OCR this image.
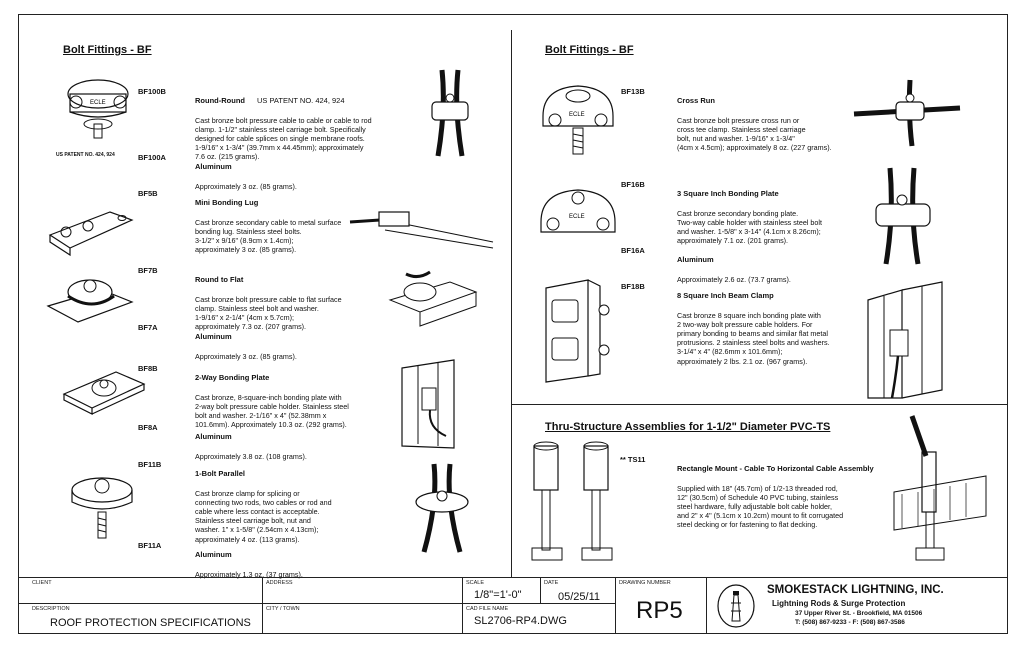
Bolt Fittings - BF
ECLE
BF100B

Round-Round US PATENT NO. 424, 924

Cast bronze bolt pressure cable to cable or cable to rod
clamp. 1-1/2" stainless steel carriage bolt. Specifically
designed for cable splices on single membrane roofs.
1-9/16" x 1-3/4" (39.7mm x 44.45mm); approximately
7.6 oz. (215 grams).

US PATENT NO. 424, 924	BF100A

Aluminum

Approximately 3 oz. (85 grams).

BF5B

Mini Bonding Lug

Cast bronze secondary cable to metal surface
bonding lug. Stainless steel bolts.
3-1/2" x 9/16" (8.9cm x 1.4cm);
approximately 3 oz. (85 grams).

BF7B

Round to Flat

Cast bronze bolt pressure cable to flat surface
clamp. Stainless steel bolt and washer.
1-9/16" x 2-1/4" (4cm x 5.7cm);
approximately 7.3 oz. (207 grams).

BF7A

Aluminum

Approximately 3 oz. (85 grams).

BF8B

2-Way Bonding Plate

Cast bronze, 8-square-inch bonding plate with
2-way bolt pressure cable holder. Stainless steel
bolt and washer. 2-1/16" x 4" (52.38mm x
101.6mm). Approximately 10.3 oz. (292 grams).

BF8A

Aluminum

Approximately 3.8 oz. (108 grams).

BF11B

1-Bolt Parallel

Cast bronze clamp for splicing or
connecting two rods, two cables or rod and
cable where less contact is acceptable.
Stainless steel carriage bolt, nut and
washer. 1" x 1-5/8" (2.54cm x 4.13cm);
approximately 4 oz. (113 grams).

BF11A

Aluminum

Approximately 1.3 oz. (37 grams).

Bolt Fittings - BF
ECLE
BF13B

Cross Run

Cast bronze bolt pressure cross run or
cross tee clamp. Stainless steel carriage
bolt, nut and washer. 1-9/16" x 1-3/4"
(4cm x 4.5cm); approximately 8 oz. (227 grams).

ECLE
BF16B

3 Square Inch Bonding Plate

Cast bronze secondary bonding plate.
Two-way cable holder with stainless steel bolt
and washer. 1-5/8" x 3-14" (4.1cm x 8.26cm);
approximately 7.1 oz. (201 grams).

BF16A

Aluminum

Approximately 2.6 oz. (73.7 grams).

BF18B

8 Square Inch Beam Clamp

Cast bronze 8 square inch bonding plate with
2 two-way bolt pressure cable holders. For
primary bonding to beams and similar flat metal
protrusions. 2 stainless steel bolts and washers.
3-1/4" x 4" (82.6mm x 101.6mm);
approximately 2 lbs. 2.1 oz. (967 grams).

Thru-Structure Assemblies for 1-1/2" Diameter PVC-TS
** TS11

Rectangle Mount - Cable To Horizontal Cable Assembly

Supplied with 18" (45.7cm) of 1/2-13 threaded rod,
12" (30.5cm) of Schedule 40 PVC tubing, stainless
steel hardware, fully adjustable bolt cable holder,
and 2" x 4" (5.1cm x 10.2cm) mount to fit corrugated
steel decking or for fastening to flat decking.

CLIENT	ADDRESS	SCALE
1/8"=1'-0"
DATE
05/25/11
DRAWING NUMBER
RP5
DESCRIPTION
ROOF PROTECTION SPECIFICATIONS
CITY / TOWN	CAD FILE NAME
SL2706-RP4.DWG
SMOKESTACK LIGHTNING, INC.
Lightning Rods & Surge Protection
37 Upper River St. - Brookfield, MA 01506
T: (508) 867-9233 - F: (508) 867-3586
